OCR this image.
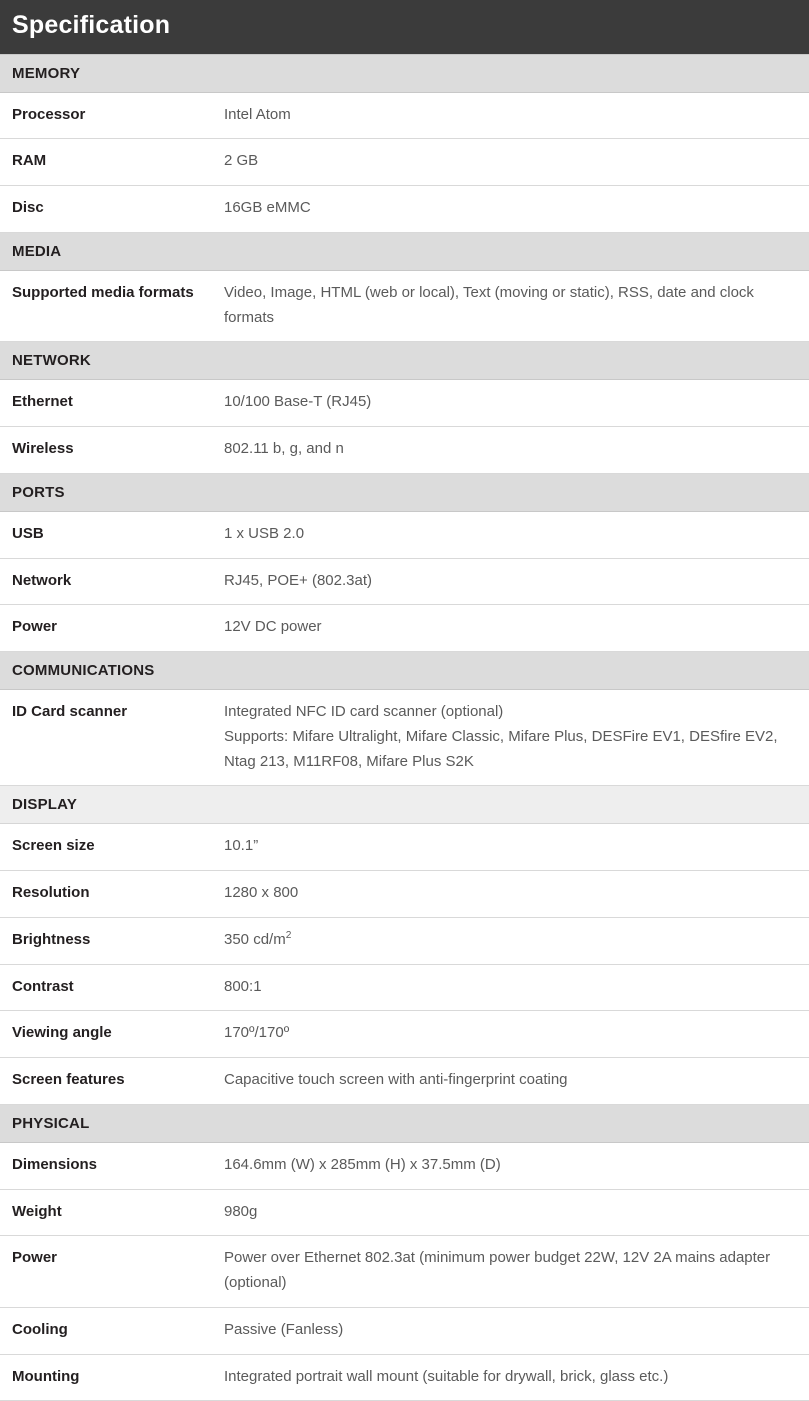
Specification	

MEMORY	
Processor	Intel Atom

RAM	2 GB

Disc	16GB eMMC

MEDIA	
Supported media formats	Video, Image, HTML (web or local), Text (moving or static), RSS, date and clock formats

NETWORK	
Ethernet	10/100 Base-T (RJ45)

Wireless	802.11 b, g, and n

PORTS	
USB	1 x USB 2.0

Network	RJ45, POE+ (802.3at)

Power	12V DC power

COMMUNICATIONS	
ID Card scanner	Integrated NFC ID card scanner (optional)
Supports: Mifare Ultralight, Mifare Classic, Mifare Plus, DESFire EV1, DESfire EV2, Ntag 213, M11RF08, Mifare Plus S2K

DISPLAY	
Screen size	10.1”

Resolution	1280 x 800

Brightness	350 $cd/m^2$

Contrast	800:1

Viewing angle	170º/170º

Screen features	Capacitive touch screen with anti-fingerprint coating

PHYSICAL	
Dimensions	164.6mm (W) x 285mm (H) x 37.5mm (D)

Weight	980g

Power	Power over Ethernet 802.3at (minimum power budget 22W, 12V 2A mains adapter (optional)

Cooling	Passive (Fanless)

Mounting	Integrated portrait wall mount (suitable for drywall, brick, glass etc.)
